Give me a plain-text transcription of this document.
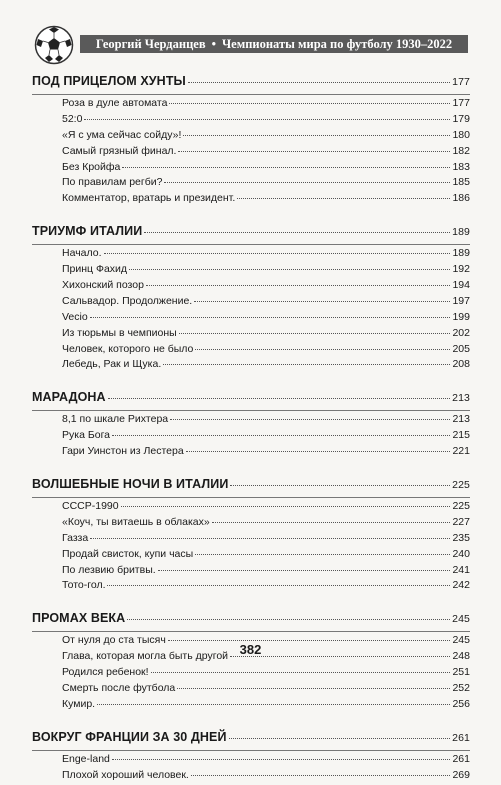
Георгий Черданцев • Чемпионаты мира по футболу 1930–2022
ПОД ПРИЦЕЛОМ ХУНТЫ	177
Роза в дуле автомата	177
52:0	179
«Я с ума сейчас сойду»!	180
Самый грязный финал.	182
Без Кройфа	183
По правилам регби?	185
Комментатор, вратарь и президент.	186
ТРИУМФ ИТАЛИИ	189
Начало.	189
Принц Фахид	192
Хихонский позор	194
Сальвадор. Продолжение.	197
Vecio	199
Из тюрьмы в чемпионы	202
Человек, которого не было	205
Лебедь, Рак и Щука.	208
МАРАДОНА	213
8,1 по шкале Рихтера	213
Рука Бога	215
Гари Уинстон из Лестера	221
ВОЛШЕБНЫЕ НОЧИ В ИТАЛИИ	225
СССР-1990	225
«Коуч, ты витаешь в облаках»	227
Газза	235
Продай свисток, купи часы	240
По лезвию бритвы.	241
Тото-гол.	242
ПРОМАХ ВЕКА	245
От нуля до ста тысяч	245
Глава, которая могла быть другой	248
Родился ребенок!	251
Смерть после футбола	252
Кумир.	256
ВОКРУГ ФРАНЦИИ ЗА 30 ДНЕЙ	261
Enge-land	261
Плохой хороший человек.	269
382
